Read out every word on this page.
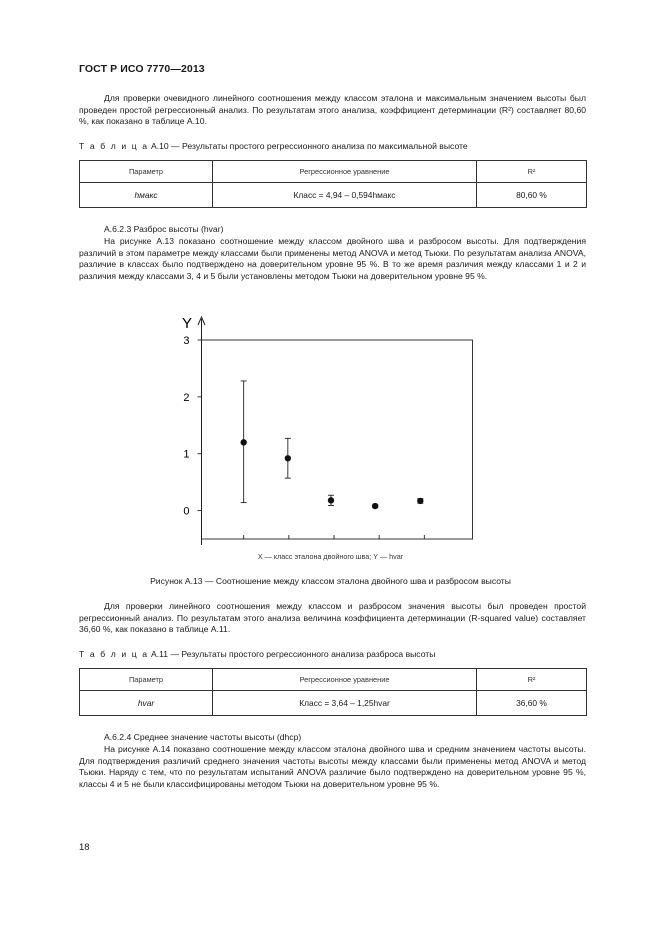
ГОСТ Р ИСО 7770—2013

Для проверки очевидного линейного соотношения между классом эталона и максимальным значением высоты был проведен простой регрессионный анализ. По результатам этого анализа, коэффициент детерминации (R²) составляет 80,60 %, как показано в таблице А.10.

Т а б л и ц а А.10 — Результаты простого регрессионного анализа по максимальной высоте
Параметр	Регрессионное уравнение	R²
hмакс	Класс = 4,94 – 0,594hмакс	80,60 %

А.6.2.3 Разброс высоты (hvar)

На рисунке А.13 показано соотношение между классом двойного шва и разбросом высоты. Для подтверждения различий в этом параметре между классами были применены метод ANOVA и метод Тьюки. По результатам анализа ANOVA, различие в классах было подтверждено на доверительном уровне 95 %. В то же время различия между классами 1 и 2 и различия между классами 3, 4 и 5 были установлены методом Тьюки на доверительном уровне 95 %.

Y
0
1
2
3
X — класс эталона двойного шва; Y — hvar
Рисунок А.13 — Соотношение между классом эталона двойного шва и разбросом высоты

Для проверки линейного соотношения между классом и разбросом значения высоты был проведен простой регрессионный анализ. По результатам этого анализа величина коэффициента детерминации (R-squared value) составляет 36,60 %, как показано в таблице А.11.

Т а б л и ц а А.11 — Результаты простого регрессионного анализа разброса высоты
Параметр	Регрессионное уравнение	R²
hvar	Класс = 3,64 – 1,25hvar	36,60 %

А.6.2.4 Среднее значение частоты высоты (dhср)

На рисунке А.14 показано соотношение между классом эталона двойного шва и средним значением частоты высоты. Для подтверждения различий среднего значения частоты высоты между классами были применены метод ANOVA и метод Тьюки. Наряду с тем, что по результатам испытаний ANOVA различие было подтверждено на доверительном уровне 95 %, классы 4 и 5 не были классифицированы методом Тьюки на доверительном уровне 95 %.

18
